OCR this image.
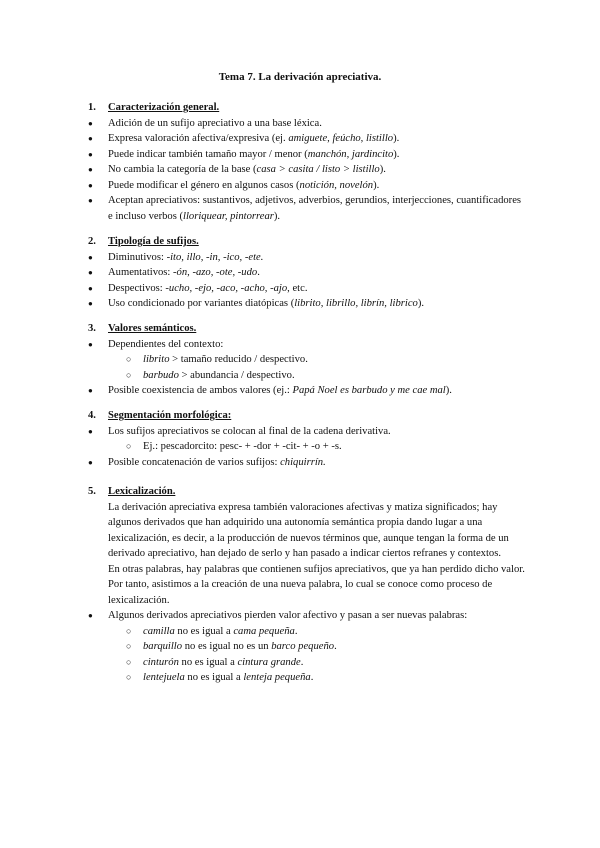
Tema 7. La derivación apreciativa.
1. Caracterización general.
● Adición de un sufijo apreciativo a una base léxica.
● Expresa valoración afectiva/expresiva (ej. amiguete, feúcho, listillo).
● Puede indicar también tamaño mayor / menor (manchón, jardincito).
● No cambia la categoría de la base (casa > casita / listo > listillo).
● Puede modificar el género en algunos casos (notición, novelón).
● Aceptan apreciativos: sustantivos, adjetivos, adverbios, gerundios, interjecciones, cuantificadores e incluso verbos (lloriquear, pintorrear).
2. Tipología de sufijos.
● Diminutivos: -ito, illo, -in, -ico, -ete.
● Aumentativos: -ón, -azo, -ote, -udo.
● Despectivos: -ucho, -ejo, -aco, -acho, -ajo, etc.
● Uso condicionado por variantes diatópicas (librito, librillo, librín, librico).
3. Valores semánticos.
● Dependientes del contexto:
○ librito > tamaño reducido / despectivo.
○ barbudo > abundancia / despectivo.
● Posible coexistencia de ambos valores (ej.: Papá Noel es barbudo y me cae mal).
4. Segmentación morfológica:
● Los sufijos apreciativos se colocan al final de la cadena derivativa.
○ Ej.: pescadorcito: pesc- + -dor + -cit- + -o + -s.
● Posible concatenación de varios sufijos: chiquirrín.
5. Lexicalización.
La derivación apreciativa expresa también valoraciones afectivas y matiza significados; hay algunos derivados que han adquirido una autonomía semántica propia dando lugar a una lexicalización, es decir, a la producción de nuevos términos que, aunque tengan la forma de un derivado apreciativo, han dejado de serlo y han pasado a indicar ciertos refranes y contextos.
En otras palabras, hay palabras que contienen sufijos apreciativos, que ya han perdido dicho valor. Por tanto, asistimos a la creación de una nueva palabra, lo cual se conoce como proceso de lexicalización.
● Algunos derivados apreciativos pierden valor afectivo y pasan a ser nuevas palabras:
○ camilla no es igual a cama pequeña.
○ barquillo no es igual no es un barco pequeño.
○ cinturón no es igual a cintura grande.
○ lentejuela no es igual a lenteja pequeña.
